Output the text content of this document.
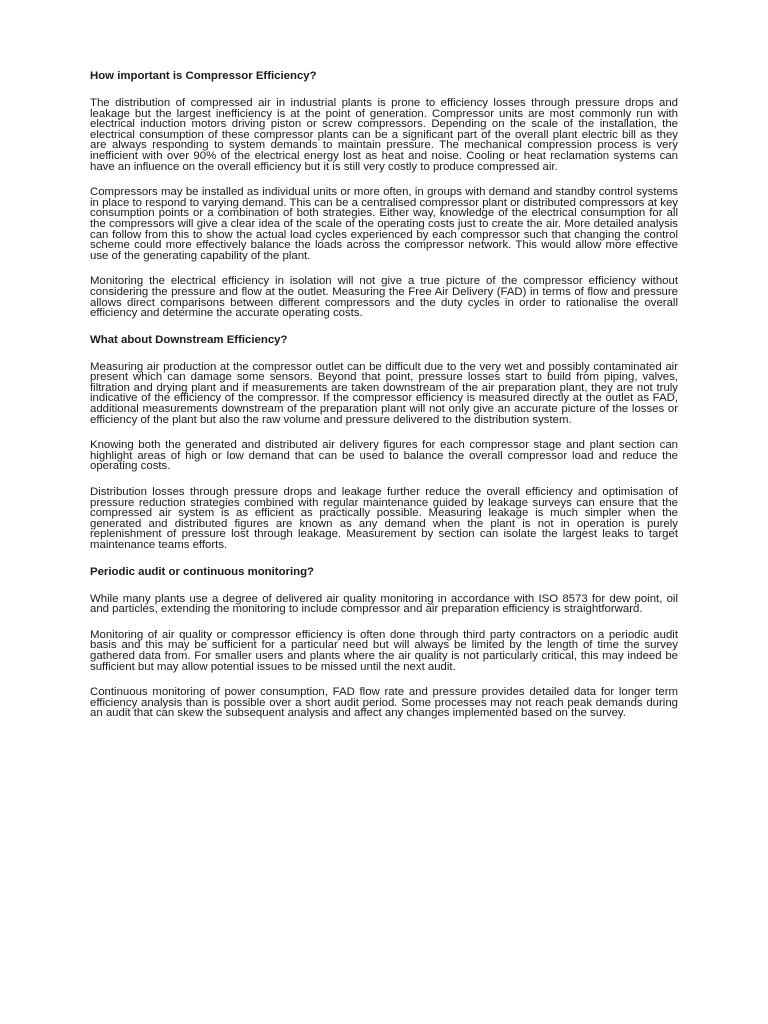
How important is Compressor Efficiency?

The distribution of compressed air in industrial plants is prone to efficiency losses through pressure drops and leakage but the largest inefficiency is at the point of generation. Compressor units are most commonly run with electrical induction motors driving piston or screw compressors. Depending on the scale of the installation, the electrical consumption of these compressor plants can be a significant part of the overall plant electric bill as they are always responding to system demands to maintain pressure. The mechanical compression process is very inefficient with over 90% of the electrical energy lost as heat and noise. Cooling or heat reclamation systems can have an influence on the overall efficiency but it is still very costly to produce compressed air.

Compressors may be installed as individual units or more often, in groups with demand and standby control systems in place to respond to varying demand. This can be a centralised compressor plant or distributed compressors at key consumption points or a combination of both strategies. Either way, knowledge of the electrical consumption for all the compressors will give a clear idea of the scale of the operating costs just to create the air. More detailed analysis can follow from this to show the actual load cycles experienced by each compressor such that changing the control scheme could more effectively balance the loads across the compressor network. This would allow more effective use of the generating capability of the plant.

Monitoring the electrical efficiency in isolation will not give a true picture of the compressor efficiency without considering the pressure and flow at the outlet. Measuring the Free Air Delivery (FAD) in terms of flow and pressure allows direct comparisons between different compressors and the duty cycles in order to rationalise the overall efficiency and determine the accurate operating costs.

What about Downstream Efficiency?

Measuring air production at the compressor outlet can be difficult due to the very wet and possibly contaminated air present which can damage some sensors. Beyond that point, pressure losses start to build from piping, valves, filtration and drying plant and if measurements are taken downstream of the air preparation plant, they are not truly indicative of the efficiency of the compressor. If the compressor efficiency is measured directly at the outlet as FAD, additional measurements downstream of the preparation plant will not only give an accurate picture of the losses or efficiency of the plant but also the raw volume and pressure delivered to the distribution system.

Knowing both the generated and distributed air delivery figures for each compressor stage and plant section can highlight areas of high or low demand that can be used to balance the overall compressor load and reduce the operating costs.

Distribution losses through pressure drops and leakage further reduce the overall efficiency and optimisation of pressure reduction strategies combined with regular maintenance guided by leakage surveys can ensure that the compressed air system is as efficient as practically possible. Measuring leakage is much simpler when the generated and distributed figures are known as any demand when the plant is not in operation is purely replenishment of pressure lost through leakage. Measurement by section can isolate the largest leaks to target maintenance teams efforts.

Periodic audit or continuous monitoring?

While many plants use a degree of delivered air quality monitoring in accordance with ISO 8573 for dew point, oil and particles, extending the monitoring to include compressor and air preparation efficiency is straightforward.

Monitoring of air quality or compressor efficiency is often done through third party contractors on a periodic audit basis and this may be sufficient for a particular need but will always be limited by the length of time the survey gathered data from. For smaller users and plants where the air quality is not particularly critical, this may indeed be sufficient but may allow potential issues to be missed until the next audit.

Continuous monitoring of power consumption, FAD flow rate and pressure provides detailed data for longer term efficiency analysis than is possible over a short audit period. Some processes may not reach peak demands during an audit that can skew the subsequent analysis and affect any changes implemented based on the survey.
